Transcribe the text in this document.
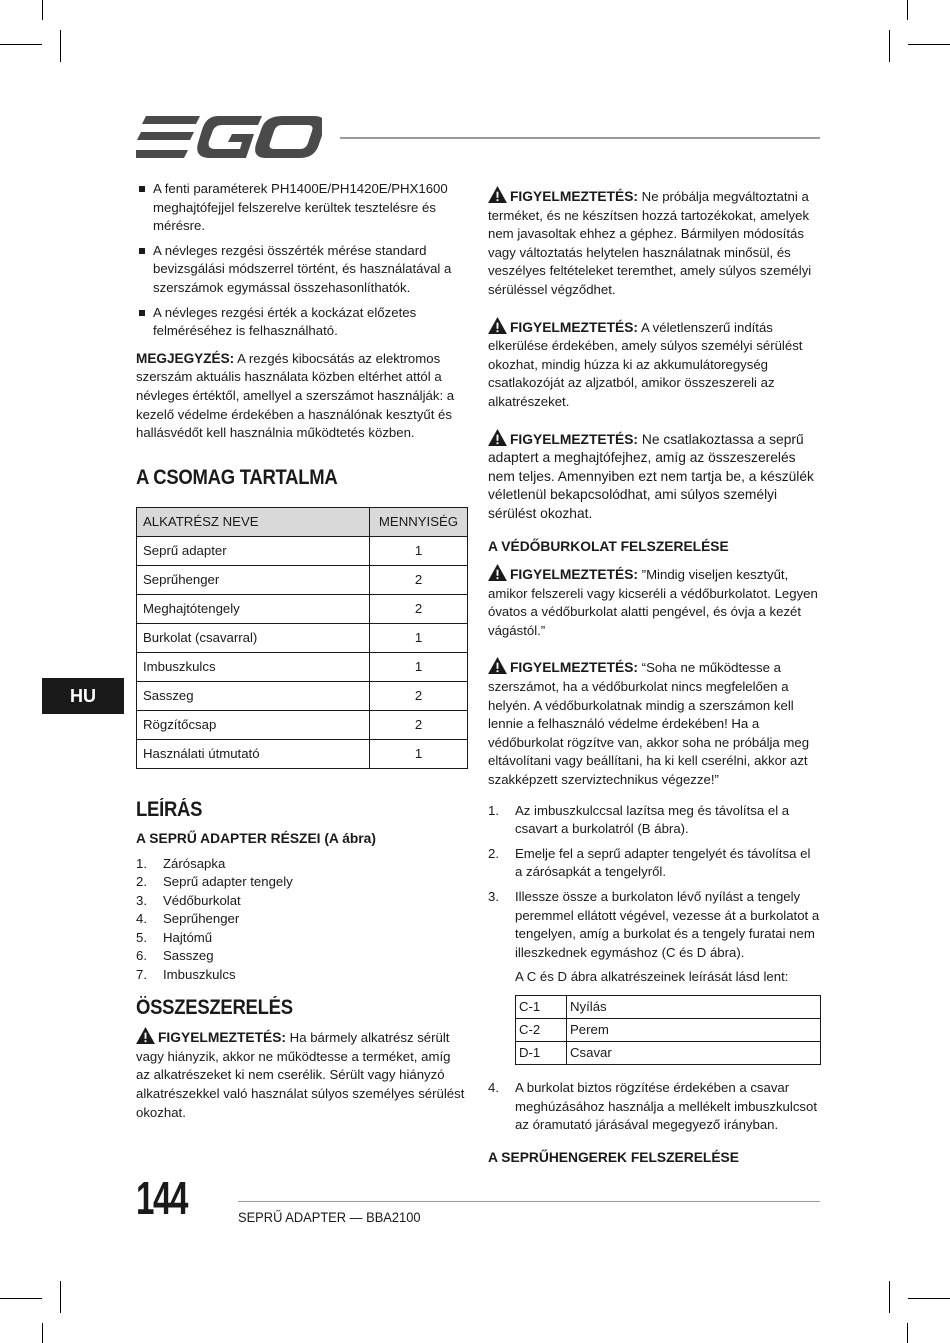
HU
A fenti paraméterek PH1400E/PH1420E/PHX1600 meghajtófejjel felszerelve kerültek tesztelésre és mérésre.
A névleges rezgési összérték mérése standard bevizsgálási módszerrel történt, és használatával a szerszámok egymással összehasonlíthatók.
A névleges rezgési érték a kockázat előzetes felméréséhez is felhasználható.

MEGJEGYZÉS: A rezgés kibocsátás az elektromos szerszám aktuális használata közben eltérhet attól a névleges értéktől, amellyel a szerszámot használják: a kezelő védelme érdekében a használónak kesztyűt és hallásvédőt kell használnia működtetés közben.

A CSOMAG TARTALMA
ALKATRÉSZ NEVE	MENNYISÉG
Seprű adapter	1
Seprűhenger	2
Meghajtótengely	2
Burkolat (csavarral)	1
Imbuszkulcs	1
Sasszeg	2
Rögzítőcsap	2
Használati útmutató	1
LEÍRÁS
A SEPRŰ ADAPTER RÉSZEI (A ábra)
1. Zárósapka
2. Seprű adapter tengely
3. Védőburkolat
4. Seprűhenger
5. Hajtómű
6. Sasszeg
7. Imbuszkulcs
ÖSSZESZERELÉS

FIGYELMEZTETÉS: Ha bármely alkatrész sérült vagy hiányzik, akkor ne működtesse a terméket, amíg az alkatrészeket ki nem cserélik. Sérült vagy hiányzó alkatrészekkel való használat súlyos személyes sérülést okozhat.

FIGYELMEZTETÉS: Ne próbálja megváltoztatni a terméket, és ne készítsen hozzá tartozékokat, amelyek nem javasoltak ehhez a géphez. Bármilyen módosítás vagy változtatás helytelen használatnak minősül, és veszélyes feltételeket teremthet, amely súlyos személyi sérüléssel végződhet.

FIGYELMEZTETÉS: A véletlenszerű indítás elkerülése érdekében, amely súlyos személyi sérülést okozhat, mindig húzza ki az akkumulátoregység csatlakozóját az aljzatból, amikor összeszereli az alkatrészeket.

FIGYELMEZTETÉS: Ne csatlakoztassa a seprű adaptert a meghajtófejhez, amíg az összeszerelés nem teljes. Amennyiben ezt nem tartja be, a készülék véletlenül bekapcsolódhat, ami súlyos személyi sérülést okozhat.

A VÉDŐBURKOLAT FELSZERELÉSE

FIGYELMEZTETÉS: ”Mindig viseljen kesztyűt, amikor felszereli vagy kicseréli a védőburkolatot. Legyen óvatos a védőburkolat alatti pengével, és óvja a kezét vágástól.”

FIGYELMEZTETÉS: “Soha ne működtesse a szerszámot, ha a védőburkolat nincs megfelelően a helyén. A védőburkolatnak mindig a szerszámon kell lennie a felhasználó védelme érdekében! Ha a védőburkolat rögzítve van, akkor soha ne próbálja meg eltávolítani vagy beállítani, ha ki kell cserélni, akkor azt szakképzett szerviztechnikus végezze!”

1. Az imbuszkulccsal lazítsa meg és távolítsa el a csavart a burkolatról (B ábra).
2. Emelje fel a seprű adapter tengelyét és távolítsa el a zárósapkát a tengelyről.
3. Illessze össze a burkolaton lévő nyílást a tengely peremmel ellátott végével, vezesse át a burkolatot a tengelyen, amíg a burkolat és a tengely furatai nem illeszkednek egymáshoz (C és D ábra).

A C és D ábra alkatrészeinek leírását lásd lent:

C-1	Nyílás
C-2	Perem
D-1	Csavar
4. A burkolat biztos rögzítése érdekében a csavar meghúzásához használja a mellékelt imbuszkulcsot az óramutató járásával megegyező irányban.
A SEPRŰHENGEREK FELSZERELÉSE
144	SEPRŰ ADAPTER — BBA2100
